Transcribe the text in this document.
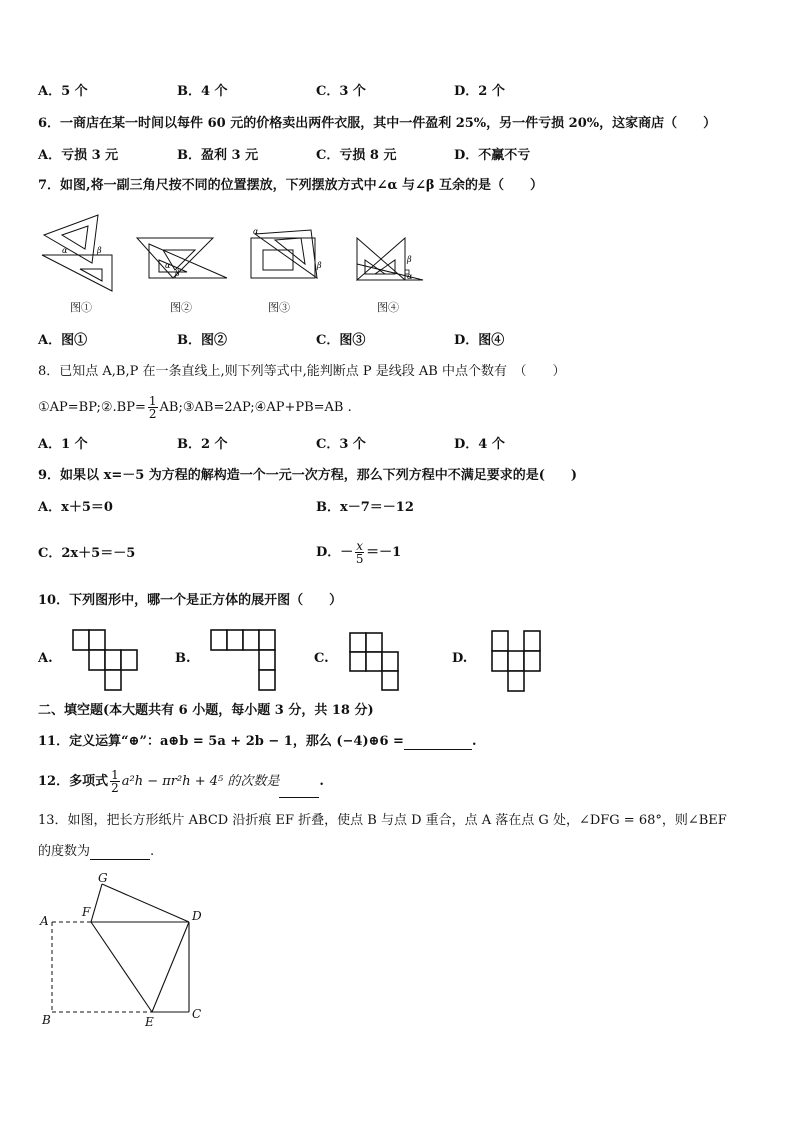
A．5 个	B．4 个	C．3 个	D．2 个
6．一商店在某一时间以每件 60 元的价格卖出两件衣服，其中一件盈利 25%，另一件亏损 20%，这家商店（　　）
A．亏损 3 元	B．盈利 3 元	C．亏损 8 元	D．不赢不亏
7．如图,将一副三角尺按不同的位置摆放，下列摆放方式中∠α 与∠β 互余的是（　　）
α	β
图①
α
β
图②
α
β
图③
β
α
图④
A．图①	B．图②	C．图③	D．图④
8．已知点 A,B,P 在一条直线上,则下列等式中,能判断点 P 是线段 AB 中点个数有　（　　）
①AP=BP;②.BP= $\frac{1}{2}$ AB;③AB=2AP;④AP+PB=AB .
A．1 个	B．2 个	C．3 个	D．4 个
9．如果以 x=－5 为方程的解构造一个一元一次方程，那么下列方程中不满足要求的是(　　)
A．x＋5＝0	B．x－7＝－12
C．2x＋5＝－5	D．－ $\frac{x}{5} =-1$
10．下列图形中，哪一个是正方体的展开图（　　）
A.	B.	C.	D.
二、填空题(本大题共有 6 小题，每小题 3 分，共 18 分)
11．定义运算“⊕”：a⊕b = 5a + 2b − 1，那么 (−4)⊕6 =	.
12．多项式 $\frac{1}{2} a^2h - \pi r^2h + 4^5$ 的次数是	.
13．如图，把长方形纸片 ABCD 沿折痕 EF 折叠，使点 B 与点 D 重合，点 A 落在点 G 处，∠DFG = 68°，则∠BEF
的度数为	.
G
A
F	D
B	E
C
